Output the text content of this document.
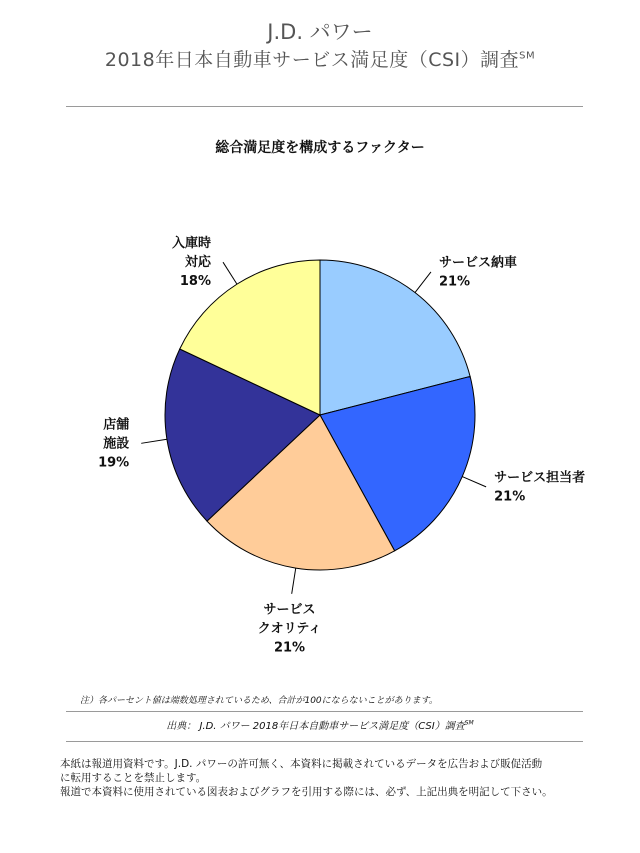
J.D. パワー
2018年日本自動車サービス満足度（CSI）調査℠
総合満足度を構成するファクター
サービス納車 21%
サービス担当者 21%
サービスクオリティ 21%
店舗施設 19%
入庫時対応 18%
注）各パーセント値は端数処理されているため、合計が100にならないことがあります。
出典： J.D. パワー 2018年日本自動車サービス満足度（CSI）調査℠
本紙は報道用資料です。J.D. パワーの許可無く、本資料に掲載されているデータを広告および販促活動
に転用することを禁止します。
報道で本資料に使用されている図表およびグラフを引用する際には、必ず、上記出典を明記して下さい。
